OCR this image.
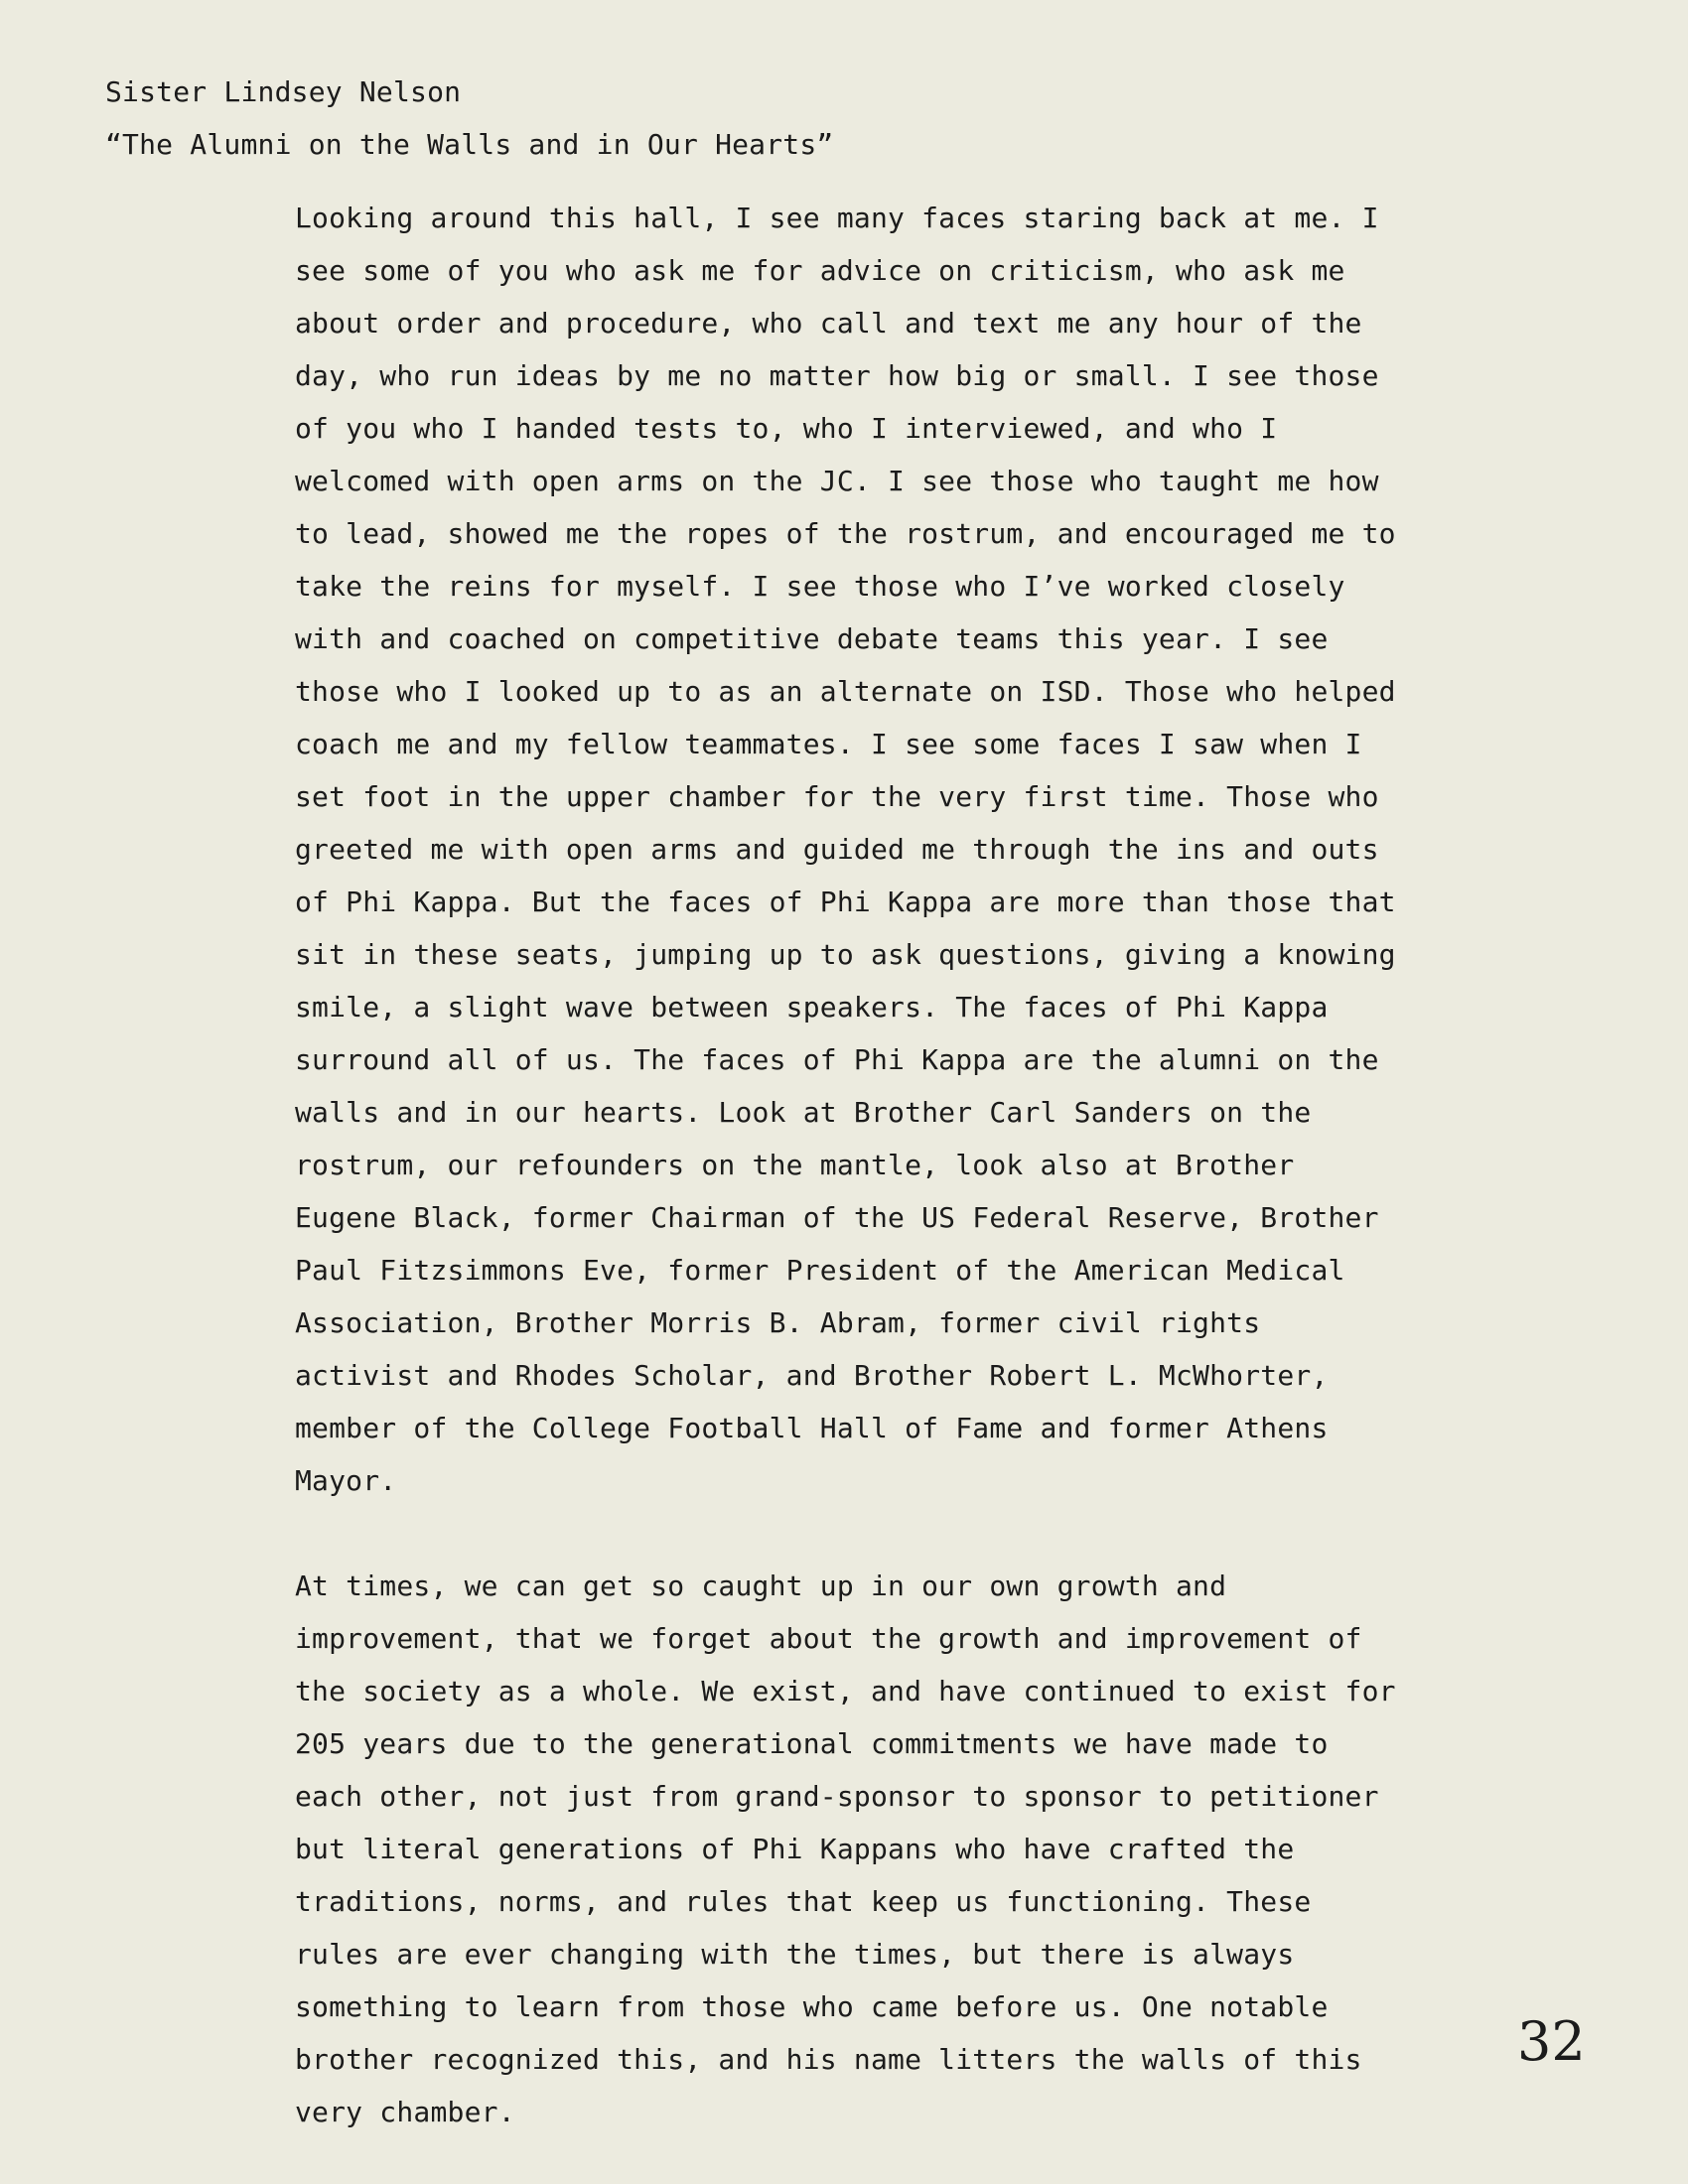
Sister Lindsey Nelson
“The Alumni on the Walls and in Our Hearts”
Looking around this hall, I see many faces staring back at me. I
see some of you who ask me for advice on criticism, who ask me
about order and procedure, who call and text me any hour of the
day, who run ideas by me no matter how big or small. I see those
of you who I handed tests to, who I interviewed, and who I
welcomed with open arms on the JC. I see those who taught me how
to lead, showed me the ropes of the rostrum, and encouraged me to
take the reins for myself. I see those who I’ve worked closely
with and coached on competitive debate teams this year. I see
those who I looked up to as an alternate on ISD. Those who helped
coach me and my fellow teammates. I see some faces I saw when I
set foot in the upper chamber for the very first time. Those who
greeted me with open arms and guided me through the ins and outs
of Phi Kappa. But the faces of Phi Kappa are more than those that
sit in these seats, jumping up to ask questions, giving a knowing
smile, a slight wave between speakers. The faces of Phi Kappa
surround all of us. The faces of Phi Kappa are the alumni on the
walls and in our hearts. Look at Brother Carl Sanders on the
rostrum, our refounders on the mantle, look also at Brother
Eugene Black, former Chairman of the US Federal Reserve, Brother
Paul Fitzsimmons Eve, former President of the American Medical
Association, Brother Morris B. Abram, former civil rights
activist and Rhodes Scholar, and Brother Robert L. McWhorter,
member of the College Football Hall of Fame and former Athens
Mayor.
At times, we can get so caught up in our own growth and
improvement, that we forget about the growth and improvement of
the society as a whole. We exist, and have continued to exist for
205 years due to the generational commitments we have made to
each other, not just from grand-sponsor to sponsor to petitioner
but literal generations of Phi Kappans who have crafted the
traditions, norms, and rules that keep us functioning. These
rules are ever changing with the times, but there is always
something to learn from those who came before us. One notable
brother recognized this, and his name litters the walls of this
very chamber.
32
